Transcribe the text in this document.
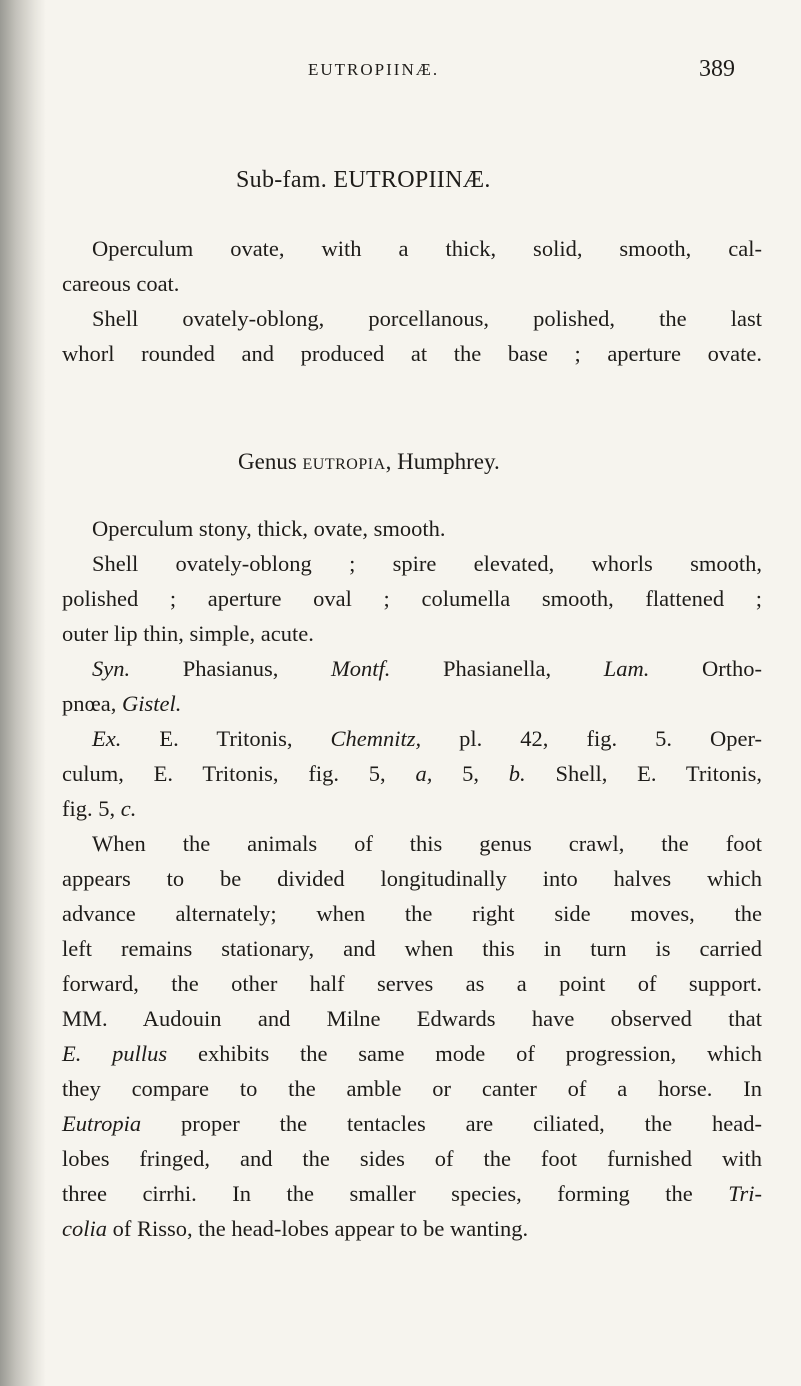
EUTROPIINÆ.	389
Sub-fam. EUTROPIINÆ.
Operculum ovate, with a thick, solid, smooth, cal-
careous coat.
Shell ovately-oblong, porcellanous, polished, the last
whorl rounded and produced at the base ; aperture ovate.
Genus eutropia, Humphrey.
Operculum stony, thick, ovate, smooth.
Shell ovately-oblong ; spire elevated, whorls smooth,
polished ; aperture oval ; columella smooth, flattened ;
outer lip thin, simple, acute.
Syn. Phasianus, Montf. Phasianella, Lam. Ortho-
pnœa, Gistel.
Ex. E. Tritonis, Chemnitz, pl. 42, fig. 5. Oper-
culum, E. Tritonis, fig. 5, a, 5, b. Shell, E. Tritonis,
fig. 5, c.
When the animals of this genus crawl, the foot
appears to be divided longitudinally into halves which
advance alternately; when the right side moves, the
left remains stationary, and when this in turn is carried
forward, the other half serves as a point of support.
MM. Audouin and Milne Edwards have observed that
E. pullus exhibits the same mode of progression, which
they compare to the amble or canter of a horse. In
Eutropia proper the tentacles are ciliated, the head-
lobes fringed, and the sides of the foot furnished with
three cirrhi. In the smaller species, forming the Tri-
colia of Risso, the head-lobes appear to be wanting.
